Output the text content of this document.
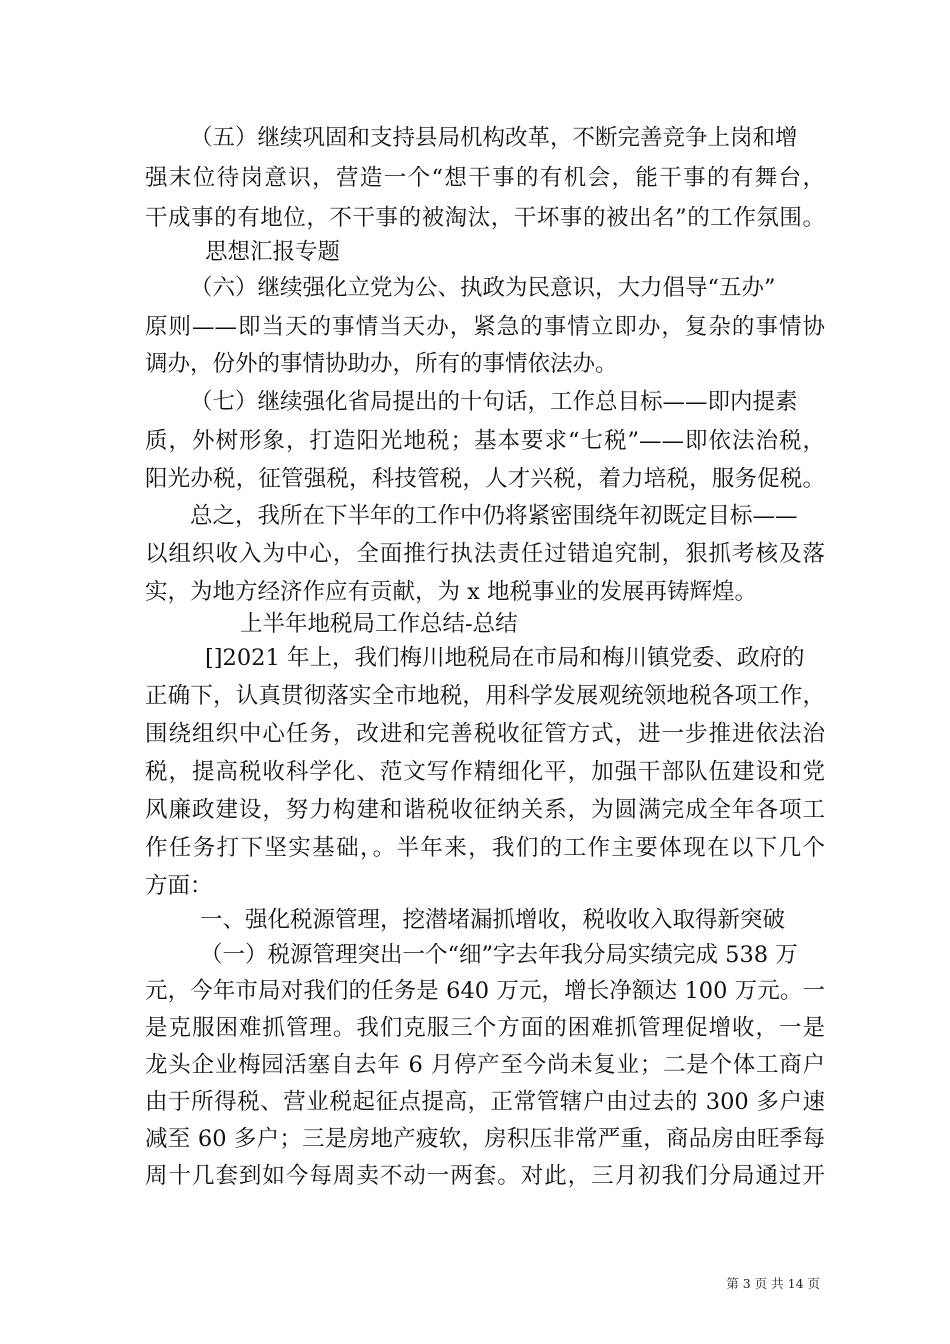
（五）继续巩固和支持县局机构改革，不断完善竞争上岗和增
强末位待岗意识，营造一个“想干事的有机会，能干事的有舞台，
干成事的有地位，不干事的被淘汰，干坏事的被出名”的工作氛围。
思想汇报专题
（六）继续强化立党为公、执政为民意识，大力倡导“五办”
原则——即当天的事情当天办，紧急的事情立即办，复杂的事情协
调办，份外的事情协助办，所有的事情依法办。
（七）继续强化省局提出的十句话，工作总目标——即内提素
质，外树形象，打造阳光地税；基本要求“七税”——即依法治税，
阳光办税，征管强税，科技管税，人才兴税，着力培税，服务促税。
总之，我所在下半年的工作中仍将紧密围绕年初既定目标——
以组织收入为中心，全面推行执法责任过错追究制，狠抓考核及落
实，为地方经济作应有贡献，为 x 地税事业的发展再铸辉煌。
上半年地税局工作总结-总结
[]2021 年上，我们梅川地税局在市局和梅川镇党委、政府的
正确下，认真贯彻落实全市地税，用科学发展观统领地税各项工作，
围绕组织中心任务，改进和完善税收征管方式，进一步推进依法治
税，提高税收科学化、范文写作精细化平，加强干部队伍建设和党
风廉政建设，努力构建和谐税收征纳关系，为圆满完成全年各项工
作任务打下坚实基础，。半年来，我们的工作主要体现在以下几个
方面：
一、强化税源管理，挖潜堵漏抓增收，税收收入取得新突破
（一）税源管理突出一个“细”字去年我分局实绩完成 538 万
元，今年市局对我们的任务是 640 万元，增长净额达 100 万元。一
是克服困难抓管理。我们克服三个方面的困难抓管理促增收，一是
龙头企业梅园活塞自去年 6 月停产至今尚未复业；二是个体工商户
由于所得税、营业税起征点提高，正常管辖户由过去的 300 多户速
减至 60 多户；三是房地产疲软，房积压非常严重，商品房由旺季每
周十几套到如今每周卖不动一两套。对此，三月初我们分局通过开
第 3 页 共 14 页
